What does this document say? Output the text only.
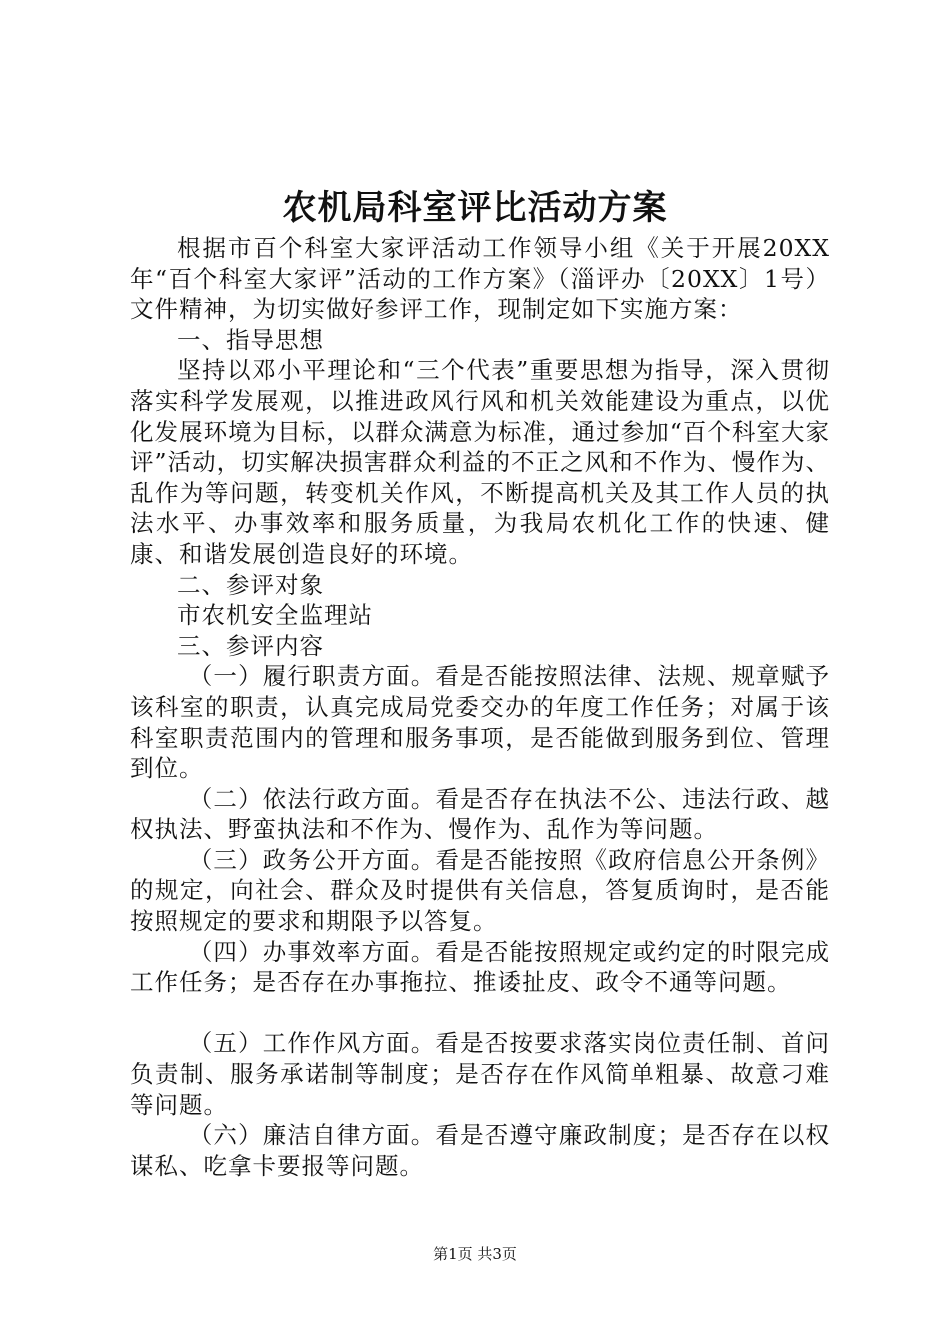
农机局科室评比活动方案

根据市百个科室大家评活动工作领导小组《关于开展20XX年“百个科室大家评”活动的工作方案》（淄评办〔20XX〕1号）文件精神，为切实做好参评工作，现制定如下实施方案：

一、指导思想

坚持以邓小平理论和“三个代表”重要思想为指导，深入贯彻落实科学发展观，以推进政风行风和机关效能建设为重点，以优化发展环境为目标，以群众满意为标准，通过参加“百个科室大家评”活动，切实解决损害群众利益的不正之风和不作为、慢作为、乱作为等问题，转变机关作风，不断提高机关及其工作人员的执法水平、办事效率和服务质量，为我局农机化工作的快速、健康、和谐发展创造良好的环境。

二、参评对象

市农机安全监理站

三、参评内容

（一）履行职责方面。看是否能按照法律、法规、规章赋予该科室的职责，认真完成局党委交办的年度工作任务；对属于该科室职责范围内的管理和服务事项，是否能做到服务到位、管理到位。

（二）依法行政方面。看是否存在执法不公、违法行政、越权执法、野蛮执法和不作为、慢作为、乱作为等问题。

（三）政务公开方面。看是否能按照《政府信息公开条例》的规定，向社会、群众及时提供有关信息，答复质询时，是否能按照规定的要求和期限予以答复。

（四）办事效率方面。看是否能按照规定或约定的时限完成工作任务；是否存在办事拖拉、推诿扯皮、政令不通等问题。

（五）工作作风方面。看是否按要求落实岗位责任制、首问负责制、服务承诺制等制度；是否存在作风简单粗暴、故意刁难等问题。

（六）廉洁自律方面。看是否遵守廉政制度；是否存在以权谋私、吃拿卡要报等问题。

第1页 共3页
